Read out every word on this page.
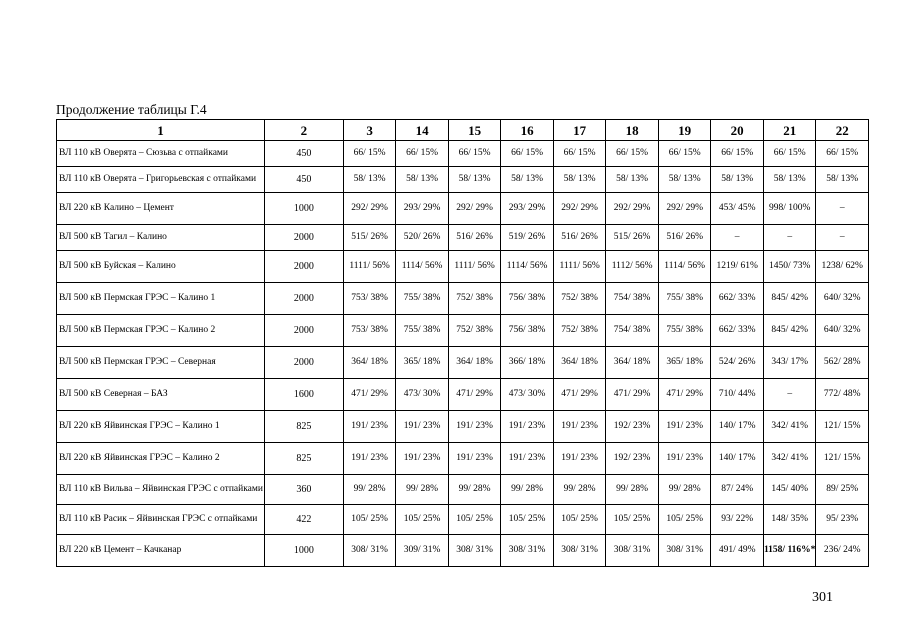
Продолжение таблицы Г.4
1	2	3	14	15	16	17	18	19	20	21	22
ВЛ 110 кВ Оверята – Сюзьва с отпайками	450	66/ 15%	66/ 15%	66/ 15%	66/ 15%	66/ 15%	66/ 15%	66/ 15%	66/ 15%	66/ 15%	66/ 15%
ВЛ 110 кВ Оверята – Григорьевская с отпайками	450	58/ 13%	58/ 13%	58/ 13%	58/ 13%	58/ 13%	58/ 13%	58/ 13%	58/ 13%	58/ 13%	58/ 13%
ВЛ 220 кВ Калино – Цемент	1000	292/ 29%	293/ 29%	292/ 29%	293/ 29%	292/ 29%	292/ 29%	292/ 29%	453/ 45%	998/ 100%	–
ВЛ 500 кВ Тагил – Калино	2000	515/ 26%	520/ 26%	516/ 26%	519/ 26%	516/ 26%	515/ 26%	516/ 26%	–	–	–
ВЛ 500 кВ Буйская – Калино	2000	1111/ 56%	1114/ 56%	1111/ 56%	1114/ 56%	1111/ 56%	1112/ 56%	1114/ 56%	1219/ 61%	1450/ 73%	1238/ 62%
ВЛ 500 кВ Пермская ГРЭС – Калино 1	2000	753/ 38%	755/ 38%	752/ 38%	756/ 38%	752/ 38%	754/ 38%	755/ 38%	662/ 33%	845/ 42%	640/ 32%
ВЛ 500 кВ Пермская ГРЭС – Калино 2	2000	753/ 38%	755/ 38%	752/ 38%	756/ 38%	752/ 38%	754/ 38%	755/ 38%	662/ 33%	845/ 42%	640/ 32%
ВЛ 500 кВ Пермская ГРЭС – Северная	2000	364/ 18%	365/ 18%	364/ 18%	366/ 18%	364/ 18%	364/ 18%	365/ 18%	524/ 26%	343/ 17%	562/ 28%
ВЛ 500 кВ Северная – БАЗ	1600	471/ 29%	473/ 30%	471/ 29%	473/ 30%	471/ 29%	471/ 29%	471/ 29%	710/ 44%	–	772/ 48%
ВЛ 220 кВ Яйвинская ГРЭС – Калино 1	825	191/ 23%	191/ 23%	191/ 23%	191/ 23%	191/ 23%	192/ 23%	191/ 23%	140/ 17%	342/ 41%	121/ 15%
ВЛ 220 кВ Яйвинская ГРЭС – Калино 2	825	191/ 23%	191/ 23%	191/ 23%	191/ 23%	191/ 23%	192/ 23%	191/ 23%	140/ 17%	342/ 41%	121/ 15%
ВЛ 110 кВ Вильва – Яйвинская ГРЭС с отпайками	360	99/ 28%	99/ 28%	99/ 28%	99/ 28%	99/ 28%	99/ 28%	99/ 28%	87/ 24%	145/ 40%	89/ 25%
ВЛ 110 кВ Расик – Яйвинская ГРЭС с отпайками	422	105/ 25%	105/ 25%	105/ 25%	105/ 25%	105/ 25%	105/ 25%	105/ 25%	93/ 22%	148/ 35%	95/ 23%
ВЛ 220 кВ Цемент – Качканар	1000	308/ 31%	309/ 31%	308/ 31%	308/ 31%	308/ 31%	308/ 31%	308/ 31%	491/ 49%	1158/ 116%*	236/ 24%
301
